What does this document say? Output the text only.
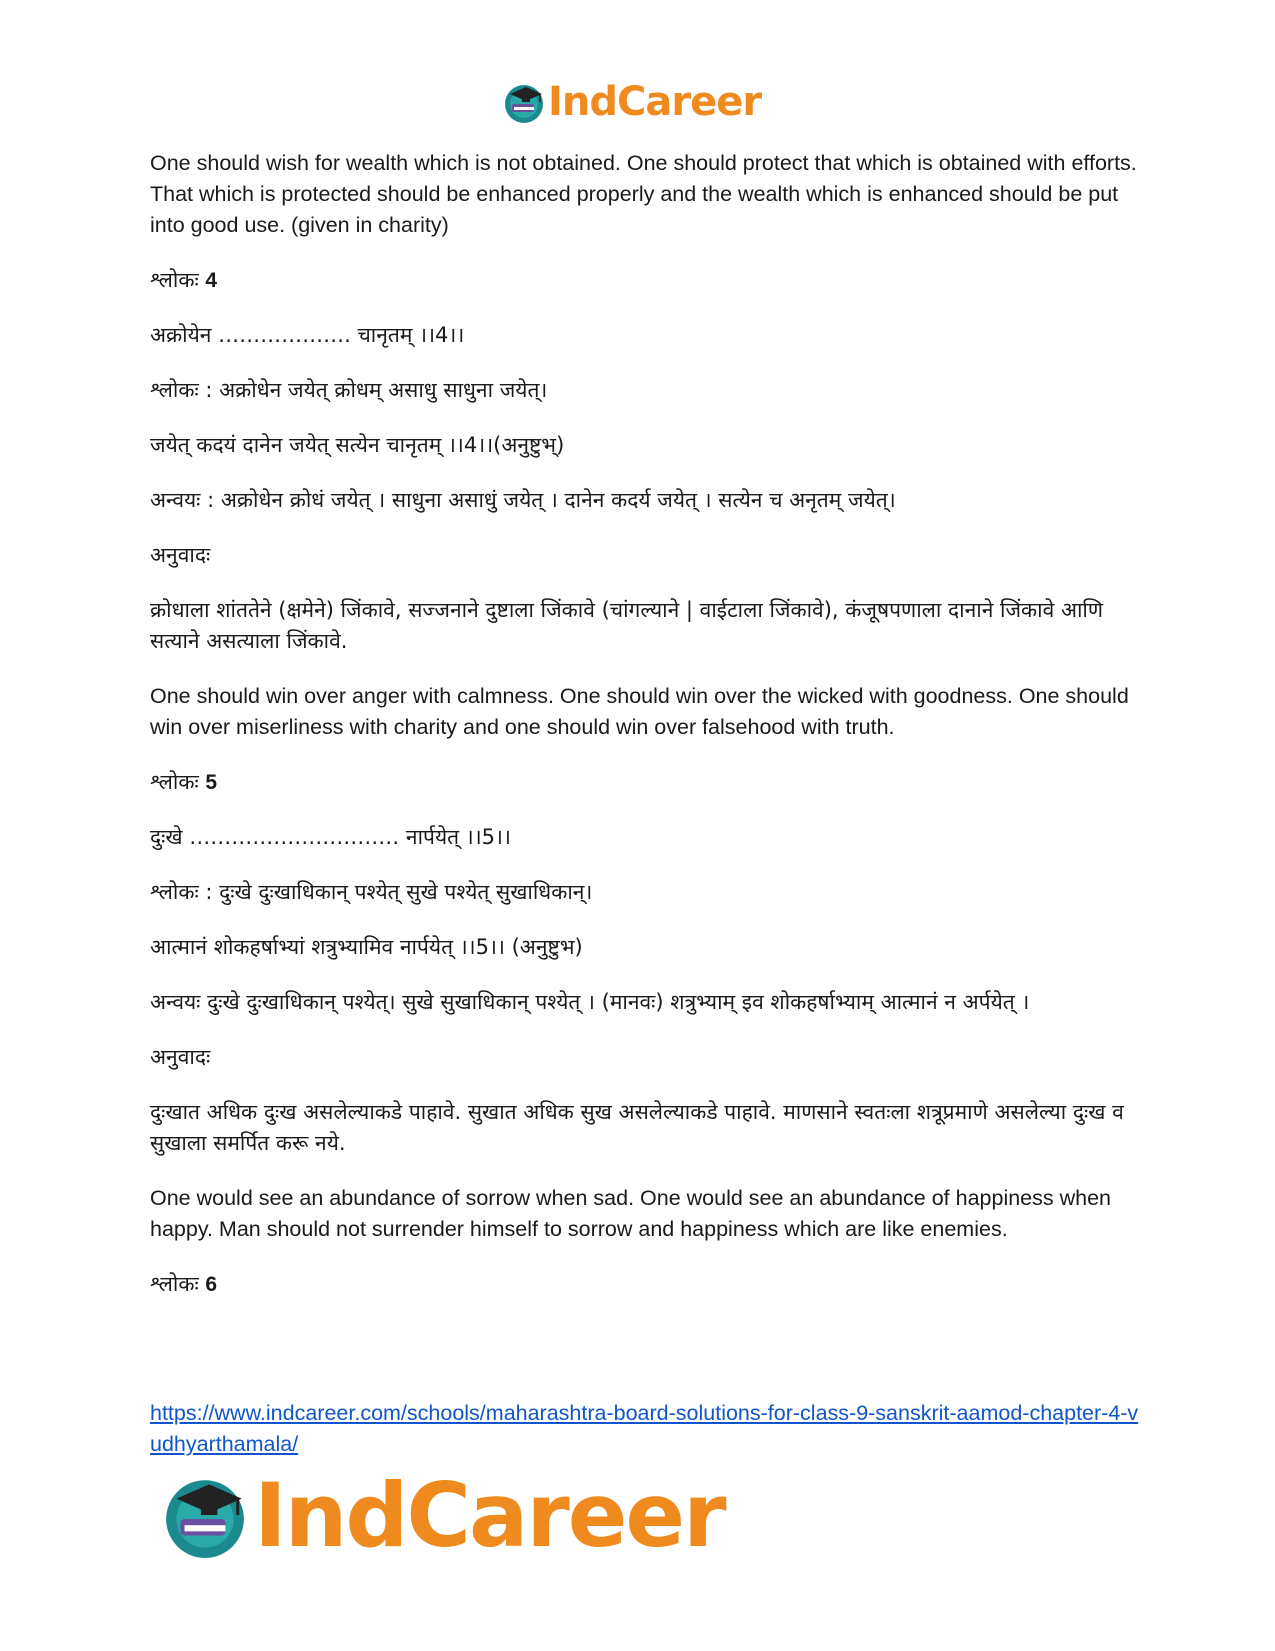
IndCareer

One should wish for wealth which is not obtained. One should protect that which is obtained with efforts. That which is protected should be enhanced properly and the wealth which is enhanced should be put into good use. (given in charity)

श्लोकः 4

अक्रोयेन ………………. चानृतम् ।।4।।

श्लोकः : अक्रोधेन जयेत् क्रोधम् असाधु साधुना जयेत्।

जयेत् कदयं दानेन जयेत् सत्येन चानृतम् ।।4।।(अनुष्टुभ्)

अन्वयः : अक्रोधेन क्रोधं जयेत् । साधुना असाधुं जयेत् । दानेन कदर्य जयेत् । सत्येन च अनृतम् जयेत्।

अनुवादः

क्रोधाला शांततेने (क्षमेने) जिंकावे, सज्जनाने दुष्टाला जिंकावे (चांगल्याने | वाईटाला जिंकावे), कंजूषपणाला दानाने जिंकावे आणि सत्याने असत्याला जिंकावे.

One should win over anger with calmness. One should win over the wicked with goodness. One should win over miserliness with charity and one should win over falsehood with truth.

श्लोकः 5

दुःखे ………………………… नार्पयेत् ।।5।।

श्लोकः : दुःखे दुःखाधिकान् पश्येत् सुखे पश्येत् सुखाधिकान्।

आत्मानं शोकहर्षाभ्यां शत्रुभ्यामिव नार्पयेत् ।।5।। (अनुष्टुभ)

अन्वयः दुःखे दुःखाधिकान् पश्येत्। सुखे सुखाधिकान् पश्येत् । (मानवः) शत्रुभ्याम् इव शोकहर्षाभ्याम् आत्मानं न अर्पयेत् ।

अनुवादः

दुःखात अधिक दुःख असलेल्याकडे पाहावे. सुखात अधिक सुख असलेल्याकडे पाहावे. माणसाने स्वतःला शत्रूप्रमाणे असलेल्या दुःख व सुखाला समर्पित करू नये.

One would see an abundance of sorrow when sad. One would see an abundance of happiness when happy. Man should not surrender himself to sorrow and happiness which are like enemies.

श्लोकः 6

https://www.indcareer.com/schools/maharashtra-board-solutions-for-class-9-sanskrit-aamod-chapter-4-vudhyarthamala/
IndCareer
